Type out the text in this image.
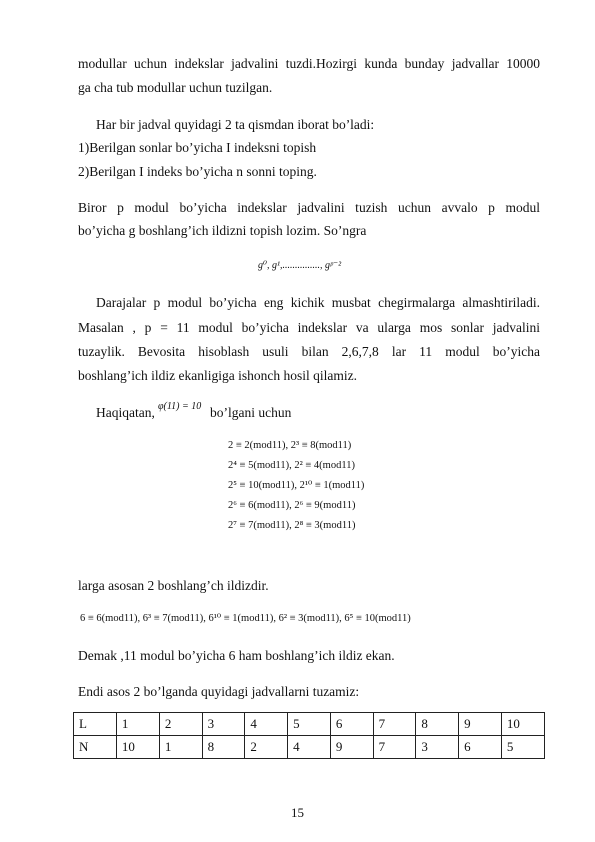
modullar uchun indekslar jadvalini tuzdi.Hozirgi kunda bunday jadvallar 10000
ga cha tub modullar uchun tuzilgan.
Har bir jadval quyidagi 2 ta qismdan iborat bo’ladi:
1)Berilgan sonlar bo’yicha I indeksni topish
2)Berilgan I indeks bo’yicha n sonni toping.
Biror p modul bo’yicha indekslar jadvalini tuzish uchun avvalo p modul
bo’yicha g boshlang’ich ildizni topish lozim. So’ngra
g⁰, g¹,..............., gᵖ⁻²
Darajalar p modul bo’yicha eng kichik musbat chegirmalarga almashtiriladi.
Masalan , p = 11 modul bo’yicha indekslar va ularga mos sonlar jadvalini
tuzaylik. Bevosita hisoblash usuli bilan 2,6,7,8 lar 11 modul bo’yicha
boshlang’ich ildiz ekanligiga ishonch hosil qilamiz.
Haqiqatan, φ(11) = 10 bo’lgani uchun
2 ≡ 2(mod11), 2³ ≡ 8(mod11)
2⁴ ≡ 5(mod11), 2² ≡ 4(mod11)
2⁵ ≡ 10(mod11), 2¹⁰ ≡ 1(mod11)
2⁶ ≡ 6(mod11), 2⁶ ≡ 9(mod11)
2⁷ ≡ 7(mod11), 2⁸ ≡ 3(mod11)
larga asosan 2 boshlang’ch ildizdir.
6 ≡ 6(mod11), 6³ ≡ 7(mod11), 6¹⁰ ≡ 1(mod11), 6² ≡ 3(mod11), 6⁵ ≡ 10(mod11)
Demak ,11 modul bo’yicha 6 ham boshlang’ich ildiz ekan.
Endi asos 2 bo’lganda quyidagi jadvallarni tuzamiz:
L	1	2	3	4	5	6	7	8	9	10
N	10	1	8	2	4	9	7	3	6	5
15
